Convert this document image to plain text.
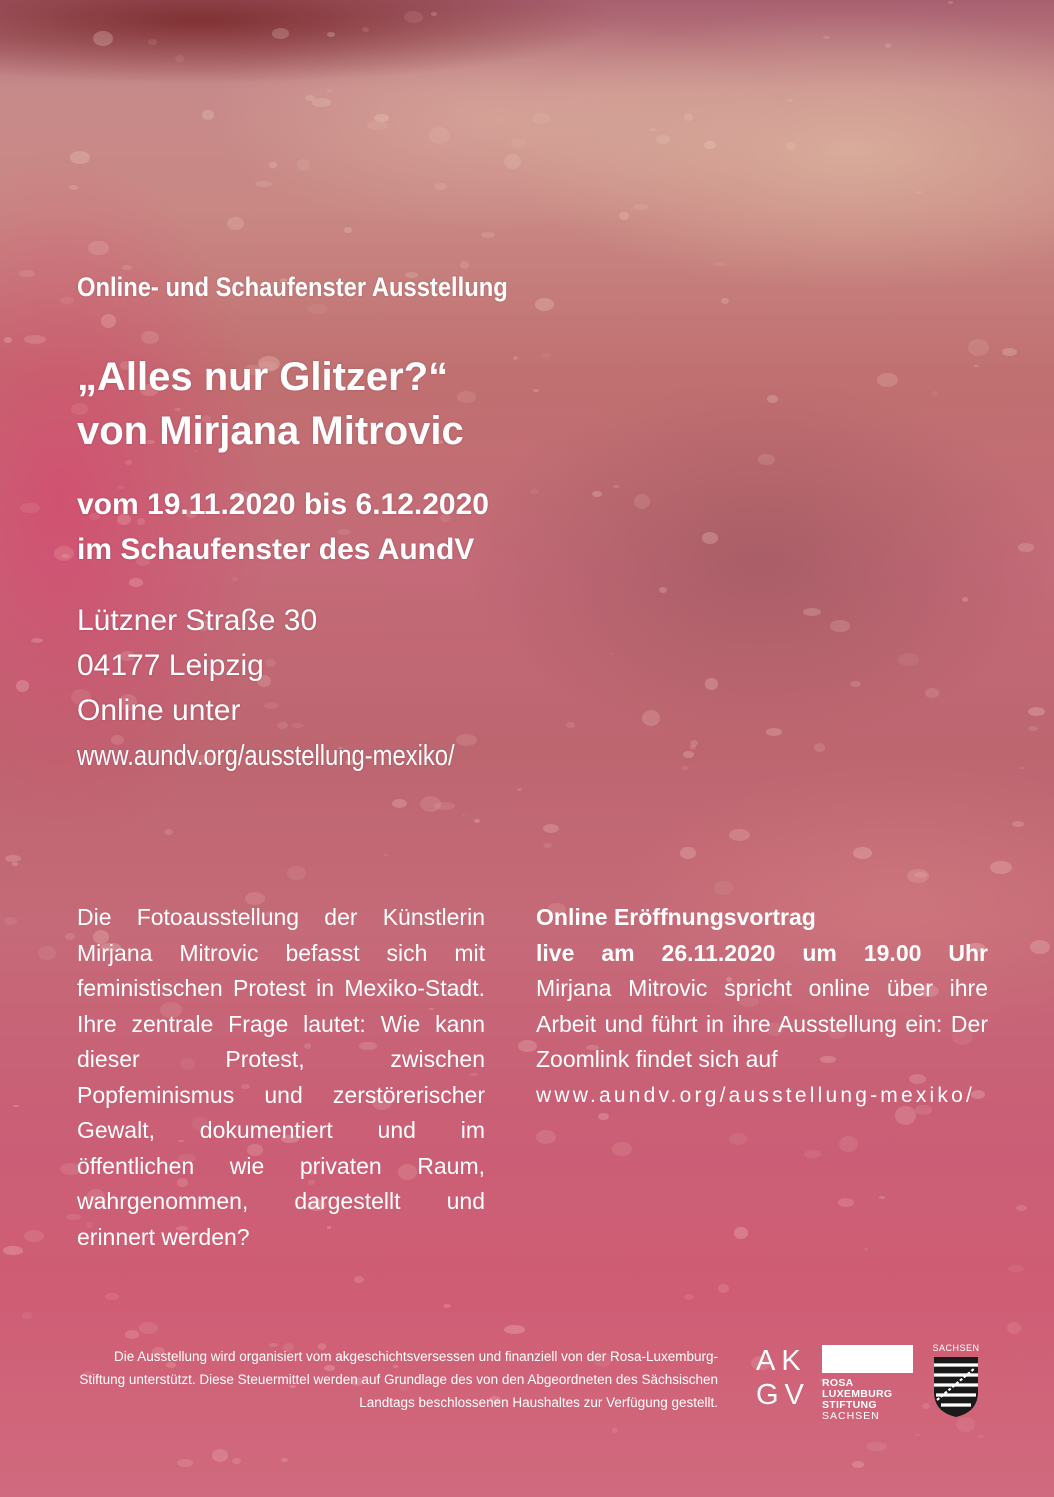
Online- und Schaufenster Ausstellung

„Alles nur Glitzer?“
von Mirjana Mitrovic
vom 19.11.2020 bis 6.12.2020
im Schaufenster des AundV
Lützner Straße 30
04177 Leipzig
Online unter
www.aundv.org/ausstellung-mexiko/
Die Fotoausstellung der Künstlerin Mirjana Mitrovic befasst sich mit feministischen Protest in Mexiko-Stadt. Ihre zentrale Frage lautet: Wie kann dieser Protest, zwischen Popfeminismus und zerstörerischer Gewalt, dokumentiert und im öffentlichen wie privaten Raum, wahrgenommen, dargestellt und erinnert werden?
Online Eröffnungsvortrag
live am 26.11.2020 um 19.00 Uhr
Mirjana Mitrovic spricht online über ihre Arbeit und führt in ihre Ausstellung ein: Der Zoomlink findet sich auf
www.aundv.org/ausstellung-mexiko/
Die Ausstellung wird organisiert vom akgeschichtsversessen und finanziell von der Rosa-Luxemburg-Stiftung unterstützt. Diese Steuermittel werden auf Grundlage des von den Abgeordneten des Sächsischen Landtags beschlossenen Haushaltes zur Verfügung gestellt.
AK GV ROSA
LUXEMBURG
STIFTUNG
SACHSEN
SACHSEN
